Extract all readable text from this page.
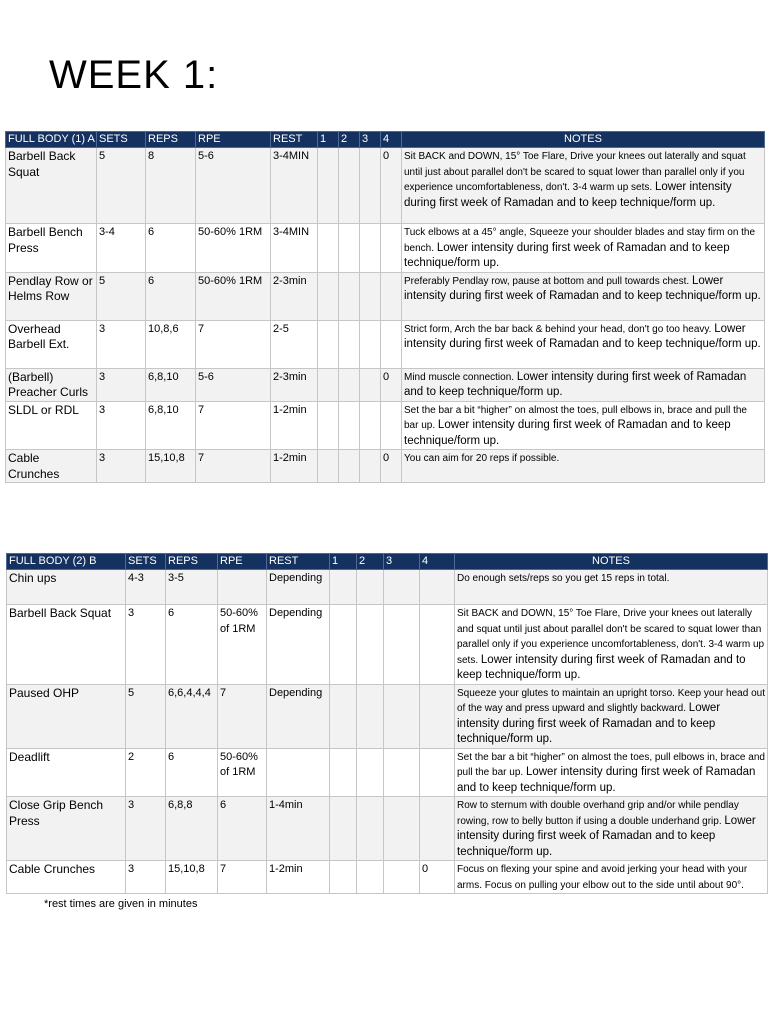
WEEK 1:
FULL BODY (1) A	SETS	REPS	RPE	REST	1	2	3	4	NOTES
Barbell Back Squat	5	8	5-6	3-4MIN				0	Sit BACK and DOWN, 15° Toe Flare, Drive your knees out laterally and squat until just about parallel don't be scared to squat lower than parallel only if you experience uncomfortableness, don't. 3-4 warm up sets. Lower intensity during first week of Ramadan and to keep technique/form up.
Barbell Bench Press	3-4	6	50-60% 1RM	3-4MIN					Tuck elbows at a 45° angle, Squeeze your shoulder blades and stay firm on the bench. Lower intensity during first week of Ramadan and to keep technique/form up.
Pendlay Row or Helms Row	5	6	50-60% 1RM	2-3min					Preferably Pendlay row, pause at bottom and pull towards chest. Lower intensity during first week of Ramadan and to keep technique/form up.
Overhead Barbell Ext.	3	10,8,6	7	2-5					Strict form, Arch the bar back & behind your head, don't go too heavy. Lower intensity during first week of Ramadan and to keep technique/form up.
(Barbell) Preacher Curls	3	6,8,10	5-6	2-3min				0	Mind muscle connection. Lower intensity during first week of Ramadan and to keep technique/form up.
SLDL or RDL	3	6,8,10	7	1-2min					Set the bar a bit “higher” on almost the toes, pull elbows in, brace and pull the bar up. Lower intensity during first week of Ramadan and to keep technique/form up.
Cable Crunches	3	15,10,8	7	1-2min				0	You can aim for 20 reps if possible.
FULL BODY (2) B	SETS	REPS	RPE	REST	1	2	3	4	NOTES
Chin ups	4-3	3-5		Depending					Do enough sets/reps so you get 15 reps in total.
Barbell Back Squat	3	6	50-60% of 1RM	Depending					Sit BACK and DOWN, 15° Toe Flare, Drive your knees out laterally and squat until just about parallel don't be scared to squat lower than parallel only if you experience uncomfortableness, don't. 3-4 warm up sets. Lower intensity during first week of Ramadan and to keep technique/form up.
Paused OHP	5	6,6,4,4,4	7	Depending					Squeeze your glutes to maintain an upright torso. Keep your head out of the way and press upward and slightly backward. Lower intensity during first week of Ramadan and to keep technique/form up.
Deadlift	2	6	50-60% of 1RM						Set the bar a bit “higher” on almost the toes, pull elbows in, brace and pull the bar up. Lower intensity during first week of Ramadan and to keep technique/form up.
Close Grip Bench Press	3	6,8,8	6	1-4min					Row to sternum with double overhand grip and/or while pendlay rowing, row to belly button if using a double underhand grip. Lower intensity during first week of Ramadan and to keep technique/form up.
Cable Crunches	3	15,10,8	7	1-2min				0	Focus on flexing your spine and avoid jerking your head with your arms. Focus on pulling your elbow out to the side until about 90°.

*rest times are given in minutes
